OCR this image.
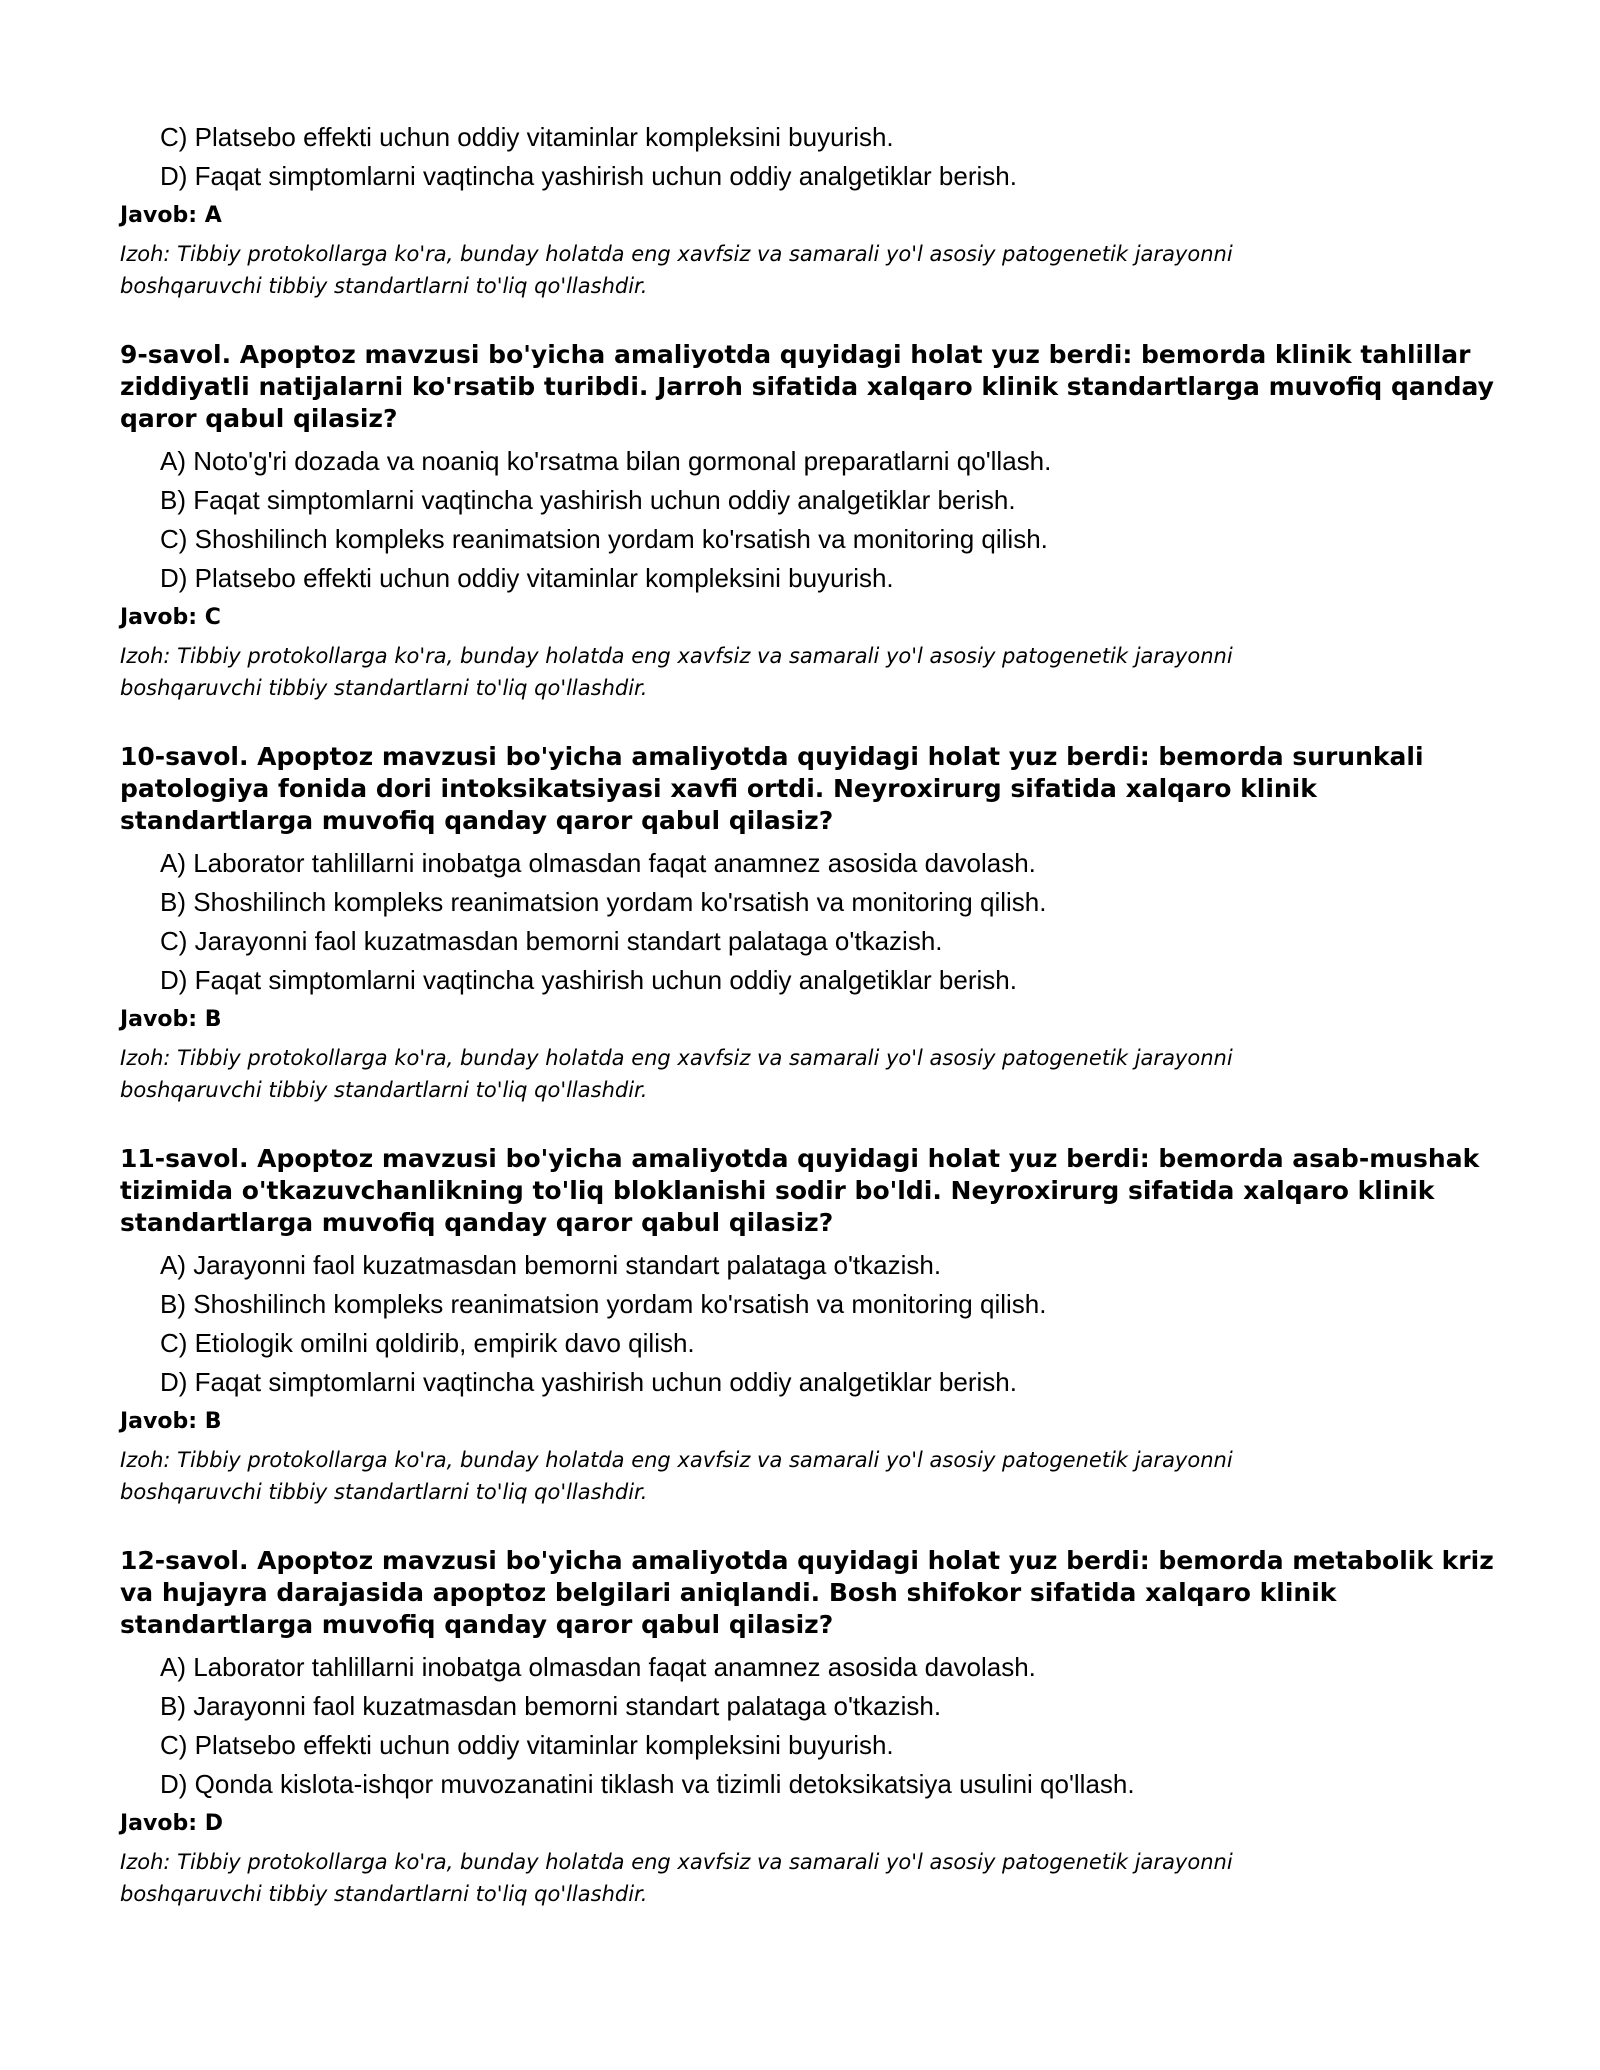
C) Platsebo effekti uchun oddiy vitaminlar kompleksini buyurish.
D) Faqat simptomlarni vaqtincha yashirish uchun oddiy analgetiklar berish.
Javob: A
Izoh: Tibbiy protokollarga ko'ra, bunday holatda eng xavfsiz va samarali yo'l asosiy patogenetik jarayonni boshqaruvchi tibbiy standartlarni to'liq qo'llashdir.
9-savol. Apoptoz mavzusi bo'yicha amaliyotda quyidagi holat yuz berdi: bemorda klinik tahlillar ziddiyatli natijalarni ko'rsatib turibdi. Jarroh sifatida xalqaro klinik standartlarga muvofiq qanday qaror qabul qilasiz?
A) Noto'g'ri dozada va noaniq ko'rsatma bilan gormonal preparatlarni qo'llash.
B) Faqat simptomlarni vaqtincha yashirish uchun oddiy analgetiklar berish.
C) Shoshilinch kompleks reanimatsion yordam ko'rsatish va monitoring qilish.
D) Platsebo effekti uchun oddiy vitaminlar kompleksini buyurish.
Javob: C
Izoh: Tibbiy protokollarga ko'ra, bunday holatda eng xavfsiz va samarali yo'l asosiy patogenetik jarayonni boshqaruvchi tibbiy standartlarni to'liq qo'llashdir.
10-savol. Apoptoz mavzusi bo'yicha amaliyotda quyidagi holat yuz berdi: bemorda surunkali patologiya fonida dori intoksikatsiyasi xavfi ortdi. Neyroxirurg sifatida xalqaro klinik standartlarga muvofiq qanday qaror qabul qilasiz?
A) Laborator tahlillarni inobatga olmasdan faqat anamnez asosida davolash.
B) Shoshilinch kompleks reanimatsion yordam ko'rsatish va monitoring qilish.
C) Jarayonni faol kuzatmasdan bemorni standart palataga o'tkazish.
D) Faqat simptomlarni vaqtincha yashirish uchun oddiy analgetiklar berish.
Javob: B
Izoh: Tibbiy protokollarga ko'ra, bunday holatda eng xavfsiz va samarali yo'l asosiy patogenetik jarayonni boshqaruvchi tibbiy standartlarni to'liq qo'llashdir.
11-savol. Apoptoz mavzusi bo'yicha amaliyotda quyidagi holat yuz berdi: bemorda asab-mushak tizimida o'tkazuvchanlikning to'liq bloklanishi sodir bo'ldi. Neyroxirurg sifatida xalqaro klinik standartlarga muvofiq qanday qaror qabul qilasiz?
A) Jarayonni faol kuzatmasdan bemorni standart palataga o'tkazish.
B) Shoshilinch kompleks reanimatsion yordam ko'rsatish va monitoring qilish.
C) Etiologik omilni qoldirib, empirik davo qilish.
D) Faqat simptomlarni vaqtincha yashirish uchun oddiy analgetiklar berish.
Javob: B
Izoh: Tibbiy protokollarga ko'ra, bunday holatda eng xavfsiz va samarali yo'l asosiy patogenetik jarayonni boshqaruvchi tibbiy standartlarni to'liq qo'llashdir.
12-savol. Apoptoz mavzusi bo'yicha amaliyotda quyidagi holat yuz berdi: bemorda metabolik kriz va hujayra darajasida apoptoz belgilari aniqlandi. Bosh shifokor sifatida xalqaro klinik standartlarga muvofiq qanday qaror qabul qilasiz?
A) Laborator tahlillarni inobatga olmasdan faqat anamnez asosida davolash.
B) Jarayonni faol kuzatmasdan bemorni standart palataga o'tkazish.
C) Platsebo effekti uchun oddiy vitaminlar kompleksini buyurish.
D) Qonda kislota-ishqor muvozanatini tiklash va tizimli detoksikatsiya usulini qo'llash.
Javob: D
Izoh: Tibbiy protokollarga ko'ra, bunday holatda eng xavfsiz va samarali yo'l asosiy patogenetik jarayonni boshqaruvchi tibbiy standartlarni to'liq qo'llashdir.
